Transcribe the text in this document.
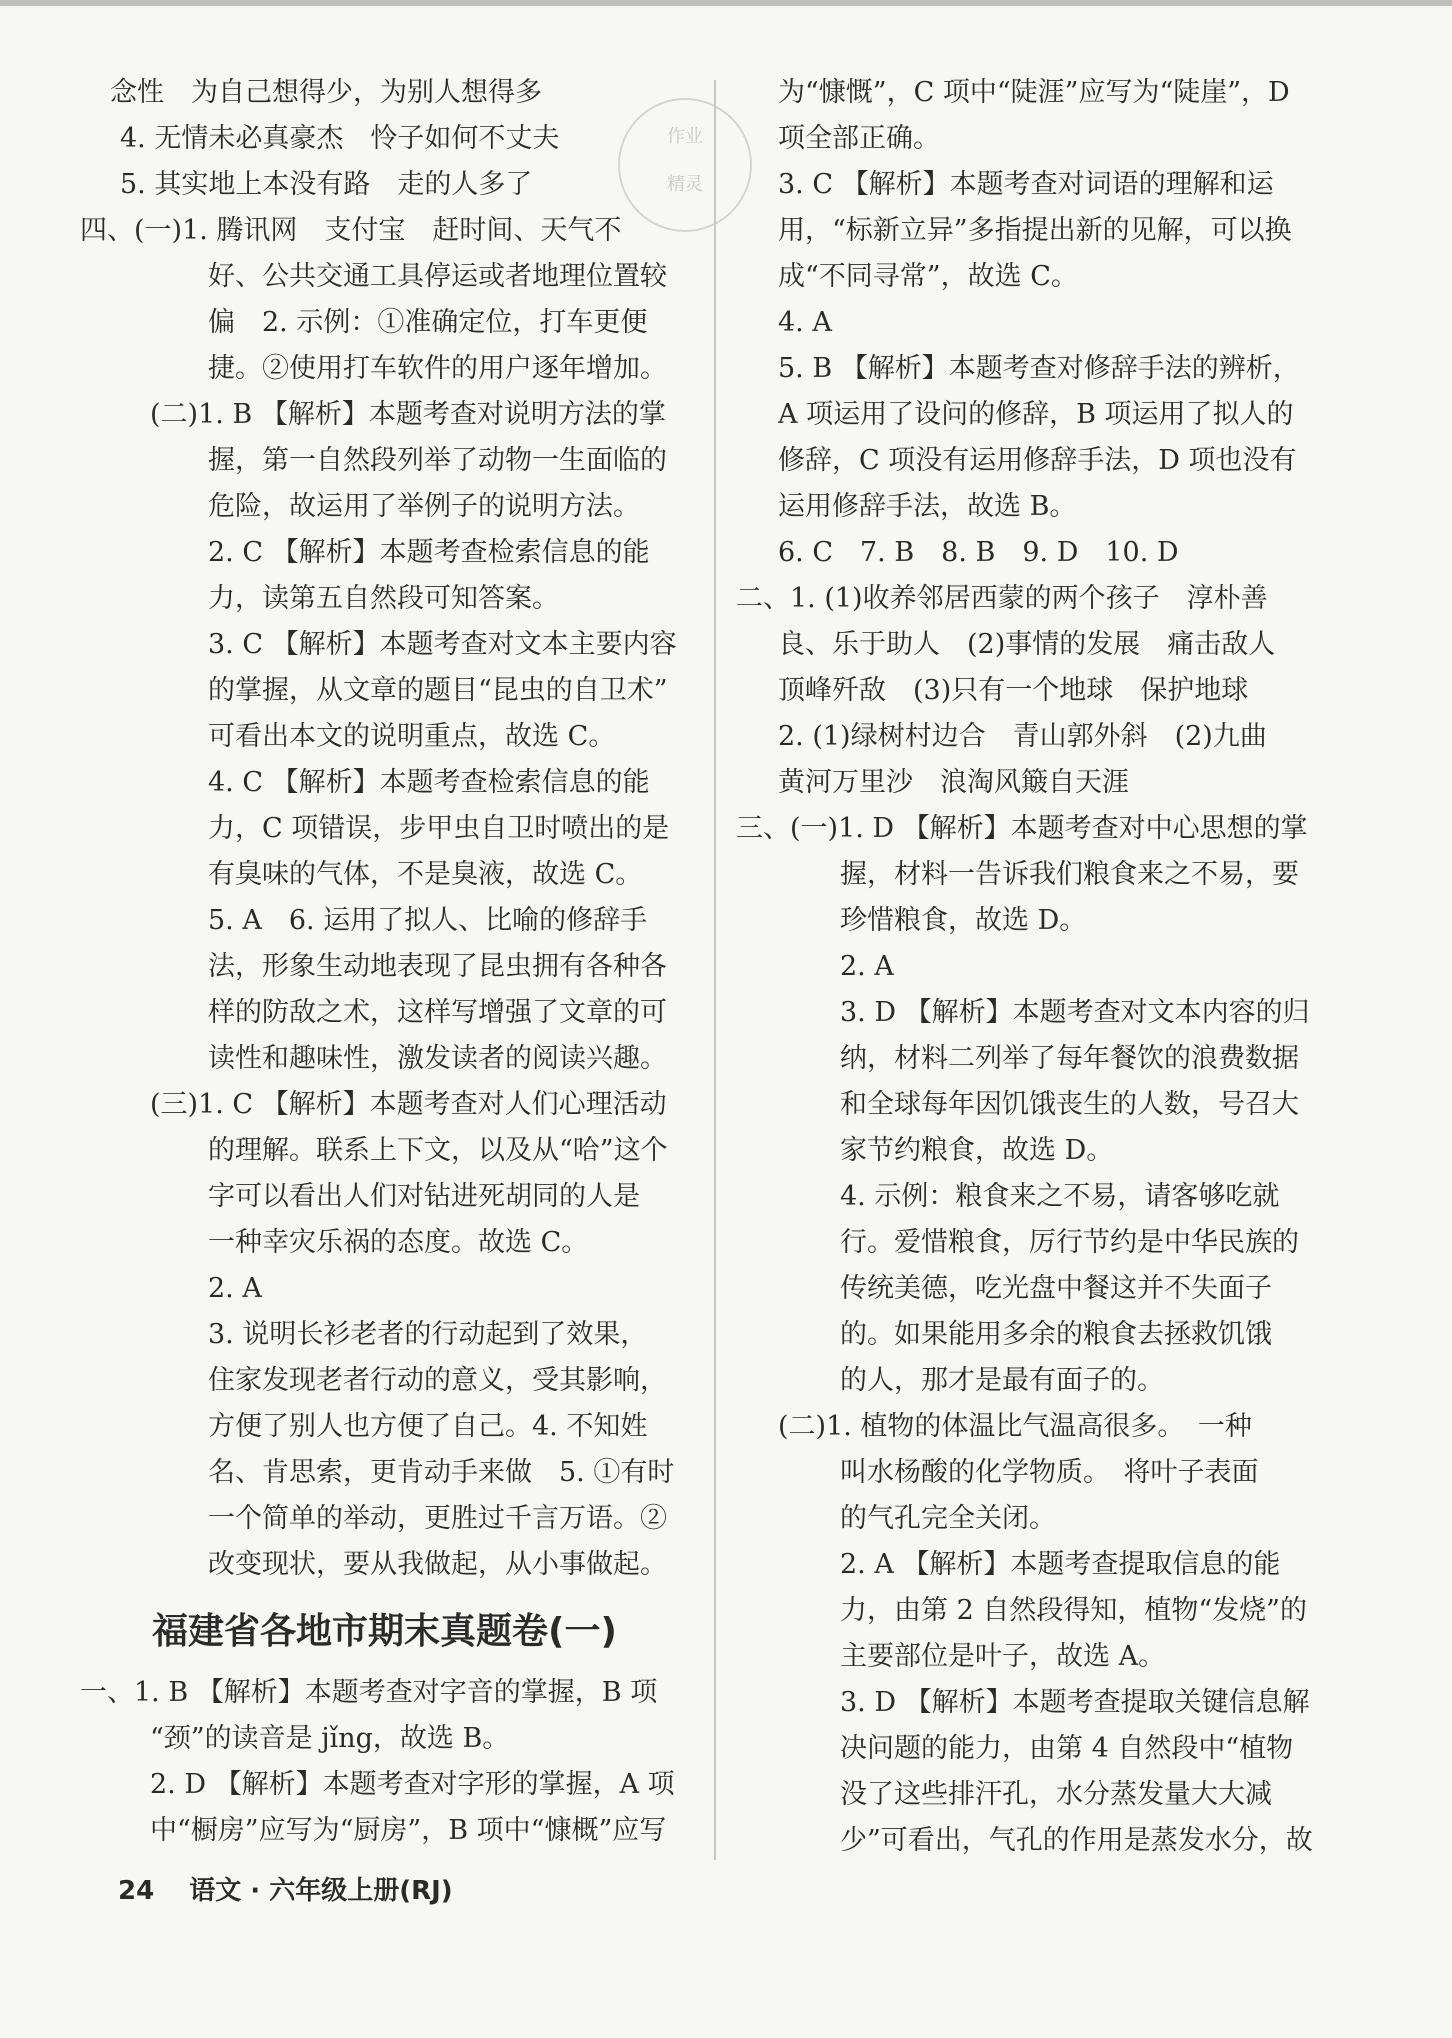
念性　为自己想得少，为别人想得多
4. 无情未必真豪杰　怜子如何不丈夫
5. 其实地上本没有路　走的人多了
四、(一)1. 腾讯网　支付宝　赶时间、天气不
好、公共交通工具停运或者地理位置较
偏　2. 示例：①准确定位，打车更便
捷。②使用打车软件的用户逐年增加。
(二)1. B 【解析】本题考查对说明方法的掌
握，第一自然段列举了动物一生面临的
危险，故运用了举例子的说明方法。
2. C 【解析】本题考查检索信息的能
力，读第五自然段可知答案。
3. C 【解析】本题考查对文本主要内容
的掌握，从文章的题目“昆虫的自卫术”
可看出本文的说明重点，故选 C。
4. C 【解析】本题考查检索信息的能
力，C 项错误，步甲虫自卫时喷出的是
有臭味的气体，不是臭液，故选 C。
5. A　6. 运用了拟人、比喻的修辞手
法，形象生动地表现了昆虫拥有各种各
样的防敌之术，这样写增强了文章的可
读性和趣味性，激发读者的阅读兴趣。
(三)1. C 【解析】本题考查对人们心理活动
的理解。联系上下文，以及从“哈”这个
字可以看出人们对钻进死胡同的人是
一种幸灾乐祸的态度。故选 C。
2. A
3. 说明长衫老者的行动起到了效果，
住家发现老者行动的意义，受其影响，
方便了别人也方便了自己。4. 不知姓
名、肯思索，更肯动手来做　5. ①有时
一个简单的举动，更胜过千言万语。②
改变现状，要从我做起，从小事做起。
福建省各地市期末真题卷(一)
一、1. B 【解析】本题考查对字音的掌握，B 项
“颈”的读音是 jǐng，故选 B。
2. D 【解析】本题考查对字形的掌握，A 项
中“橱房”应写为“厨房”，B 项中“慷概”应写
作业
精灵
为“慷慨”，C 项中“陡涯”应写为“陡崖”，D
项全部正确。
3. C 【解析】本题考查对词语的理解和运
用，“标新立异”多指提出新的见解，可以换
成“不同寻常”，故选 C。
4. A
5. B 【解析】本题考查对修辞手法的辨析，
A 项运用了设问的修辞，B 项运用了拟人的
修辞，C 项没有运用修辞手法，D 项也没有
运用修辞手法，故选 B。
6. C　7. B　8. B　9. D　10. D
二、1. (1)收养邻居西蒙的两个孩子　淳朴善
良、乐于助人　(2)事情的发展　痛击敌人
顶峰歼敌　(3)只有一个地球　保护地球
2. (1)绿树村边合　青山郭外斜　(2)九曲
黄河万里沙　浪淘风簸自天涯
三、(一)1. D 【解析】本题考查对中心思想的掌
握，材料一告诉我们粮食来之不易，要
珍惜粮食，故选 D。
2. A
3. D 【解析】本题考查对文本内容的归
纳，材料二列举了每年餐饮的浪费数据
和全球每年因饥饿丧生的人数，号召大
家节约粮食，故选 D。
4. 示例：粮食来之不易，请客够吃就
行。爱惜粮食，厉行节约是中华民族的
传统美德，吃光盘中餐这并不失面子
的。如果能用多余的粮食去拯救饥饿
的人，那才是最有面子的。
(二)1. 植物的体温比气温高很多。　一种
叫水杨酸的化学物质。　将叶子表面
的气孔完全关闭。
2. A 【解析】本题考查提取信息的能
力，由第 2 自然段得知，植物“发烧”的
主要部位是叶子，故选 A。
3. D 【解析】本题考查提取关键信息解
决问题的能力，由第 4 自然段中“植物
没了这些排汗孔，水分蒸发量大大减
少”可看出，气孔的作用是蒸发水分，故
24 语文 · 六年级上册(RJ)
